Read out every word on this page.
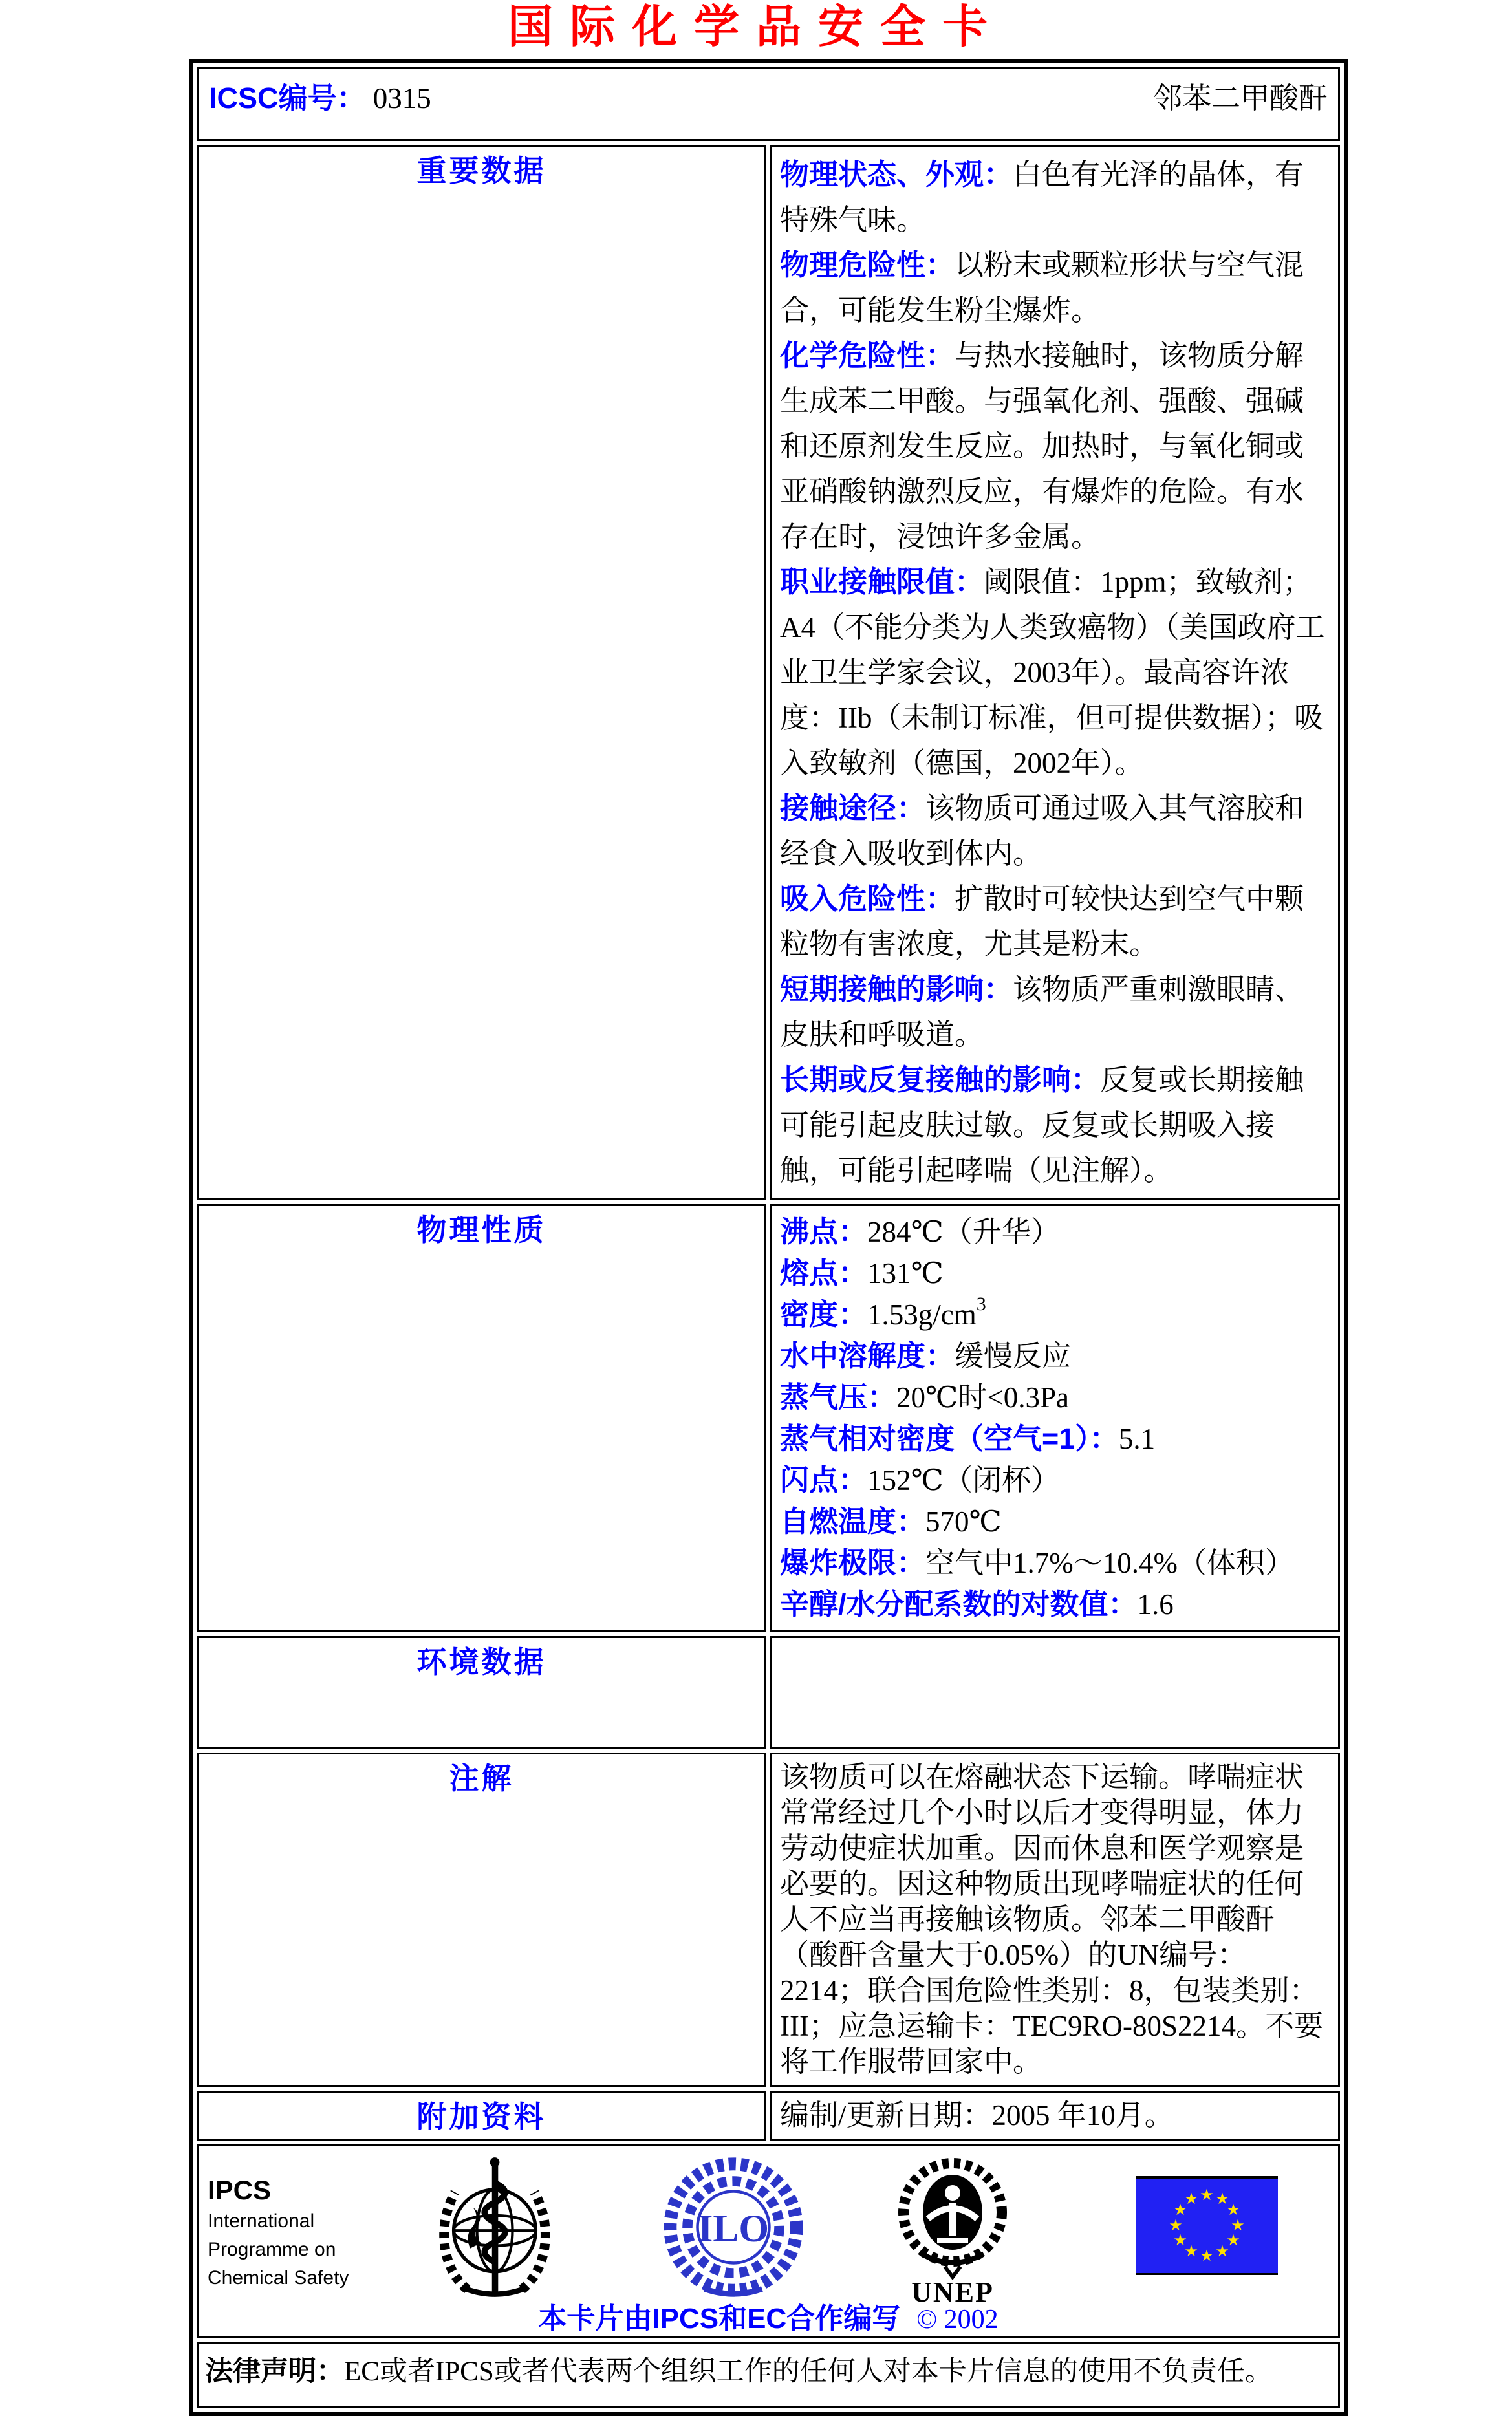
国际化学品安全卡
ICSC编号： 0315 邻苯二甲酸酐	

重要数据	物理状态、外观：白色有光泽的晶体，有特殊气味。

物理危险性：以粉末或颗粒形状与空气混合，可能发生粉尘爆炸。

化学危险性：与热水接触时，该物质分解生成苯二甲酸。与强氧化剂、强酸、强碱和还原剂发生反应。加热时，与氧化铜或亚硝酸钠激烈反应，有爆炸的危险。有水存在时，浸蚀许多金属。

职业接触限值：阈限值：1ppm；致敏剂；A4（不能分类为人类致癌物）（美国政府工业卫生学家会议，2003年）。最高容许浓度：IIb（未制订标准，但可提供数据）；吸入致敏剂（德国，2002年）。

接触途径：该物质可通过吸入其气溶胶和经食入吸收到体内。

吸入危险性：扩散时可较快达到空气中颗粒物有害浓度，尤其是粉末。

短期接触的影响：该物质严重刺激眼睛、皮肤和呼吸道。

长期或反复接触的影响：反复或长期接触可能引起皮肤过敏。反复或长期吸入接触，可能引起哮喘（见注解）。

物理性质	沸点：284℃（升华）

熔点：131℃

密度：$1.53g/cm^3$

水中溶解度：缓慢反应

蒸气压：20℃时<0.3Pa

蒸气相对密度（空气=1）：5.1

闪点：152℃（闭杯）

自燃温度：570℃

爆炸极限：空气中1.7%～10.4%（体积）

辛醇/水分配系数的对数值：1.6

环境数据	
注解	该物质可以在熔融状态下运输。哮喘症状常常经过几个小时以后才变得明显，体力劳动使症状加重。因而休息和医学观察是必要的。因这种物质出现哮喘症状的任何人不应当再接触该物质。邻苯二甲酸酐（酸酐含量大于0.05%）的UN编号：2214；联合国危险性类别：8，包装类别：III；应急运输卡：TEC9RO-80S2214。不要将工作服带回家中。
附加资料	编制/更新日期：2005 年10月。

IPCS
International
Programme on
Chemical Safety
ILO
UNEP
★ ★
★
★
★
★
★
★
★
★
★
★
本卡片由IPCS和EC合作编写 © 2002

法律声明：EC或者IPCS或者代表两个组织工作的任何人对本卡片信息的使用不负责任。	
